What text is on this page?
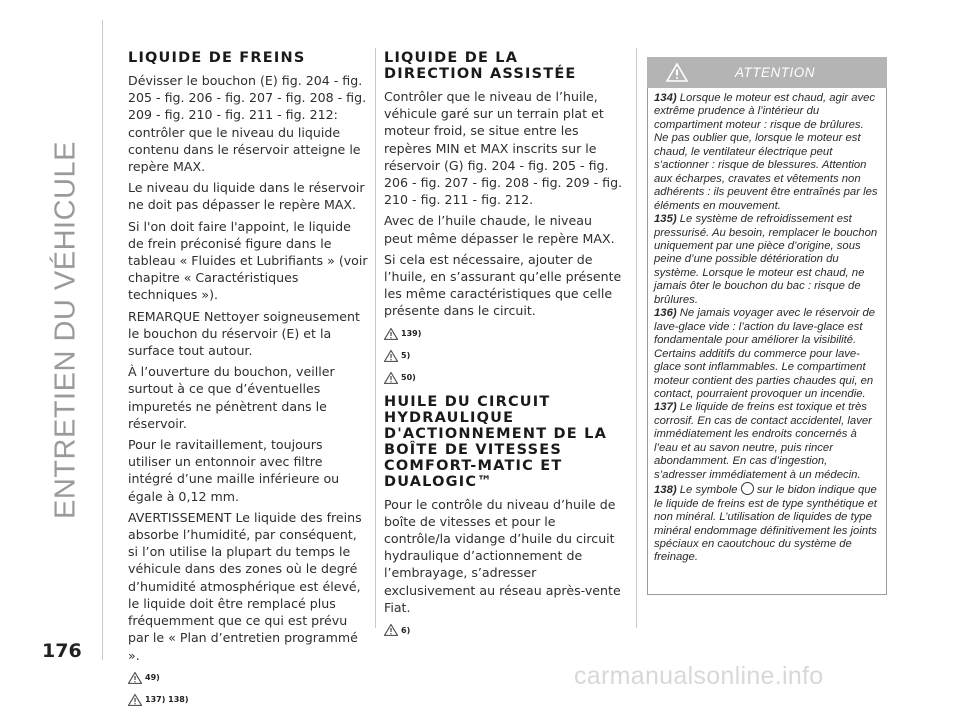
ENTRETIEN DU VÉHICULE
176
LIQUIDE DE FREINS

Dévisser le bouchon (E) fig. 204 - fig. 205 - fig. 206 - fig. 207 - fig. 208 - fig. 209 - fig. 210 - fig. 211 - fig. 212: contrôler que le niveau du liquide contenu dans le réservoir atteigne le repère MAX.

Le niveau du liquide dans le réservoir ne doit pas dépasser le repère MAX.

Si l'on doit faire l'appoint, le liquide de frein préconisé figure dans le tableau « Fluides et Lubrifiants » (voir chapitre « Caractéristiques techniques »).

REMARQUE Nettoyer soigneusement le bouchon du réservoir (E) et la surface tout autour.

À l’ouverture du bouchon, veiller surtout à ce que d’éventuelles impuretés ne pénètrent dans le réservoir.

Pour le ravitaillement, toujours utiliser un entonnoir avec filtre intégré d’une maille inférieure ou égale à 0,12 mm.

AVERTISSEMENT Le liquide des freins absorbe l’humidité, par conséquent, si l’on utilise la plupart du temps le véhicule dans des zones où le degré d’humidité atmosphérique est élevé, le liquide doit être remplacé plus fréquemment que ce qui est prévu par le « Plan d’entretien programmé ».

49)
137) 138)
LIQUIDE DE LA DIRECTION ASSISTÉE

Contrôler que le niveau de l’huile, véhicule garé sur un terrain plat et moteur froid, se situe entre les repères MIN et MAX inscrits sur le réservoir (G) fig. 204 - fig. 205 - fig. 206 - fig. 207 - fig. 208 - fig. 209 - fig. 210 - fig. 211 - fig. 212.

Avec de l’huile chaude, le niveau peut même dépasser le repère MAX.

Si cela est nécessaire, ajouter de l’huile, en s’assurant qu’elle présente les même caractéristiques que celle présente dans le circuit.

139)
5)
50)
HUILE DU CIRCUIT HYDRAULIQUE D'ACTIONNEMENT DE LA BOÎTE DE VITESSES COMFORT-MATIC ET DUALOGIC™

Pour le contrôle du niveau d’huile de boîte de vitesses et pour le contrôle/la vidange d’huile du circuit hydraulique d’actionnement de l’embrayage, s’adresser exclusivement au réseau après-vente Fiat.

6)
ATTENTION

134) Lorsque le moteur est chaud, agir avec extrême prudence à l’intérieur du compartiment moteur : risque de brûlures. Ne pas oublier que, lorsque le moteur est chaud, le ventilateur électrique peut s’actionner : risque de blessures. Attention aux écharpes, cravates et vêtements non adhérents : ils peuvent être entraînés par les éléments en mouvement.

135) Le système de refroidissement est pressurisé. Au besoin, remplacer le bouchon uniquement par une pièce d’origine, sous peine d’une possible détérioration du système. Lorsque le moteur est chaud, ne jamais ôter le bouchon du bac : risque de brûlures.

136) Ne jamais voyager avec le réservoir de lave-glace vide : l’action du lave-glace est fondamentale pour améliorer la visibilité. Certains additifs du commerce pour lave-glace sont inflammables. Le compartiment moteur contient des parties chaudes qui, en contact, pourraient provoquer un incendie.

137) Le liquide de freins est toxique et très corrosif. En cas de contact accidentel, laver immédiatement les endroits concernés à l’eau et au savon neutre, puis rincer abondamment. En cas d’ingestion, s’adresser immédiatement à un médecin.

138) Le symbole sur le bidon indique que le liquide de freins est de type synthétique et non minéral. L’utilisation de liquides de type minéral endommage définitivement les joints spéciaux en caoutchouc du système de freinage.

carmanualsonline.info
